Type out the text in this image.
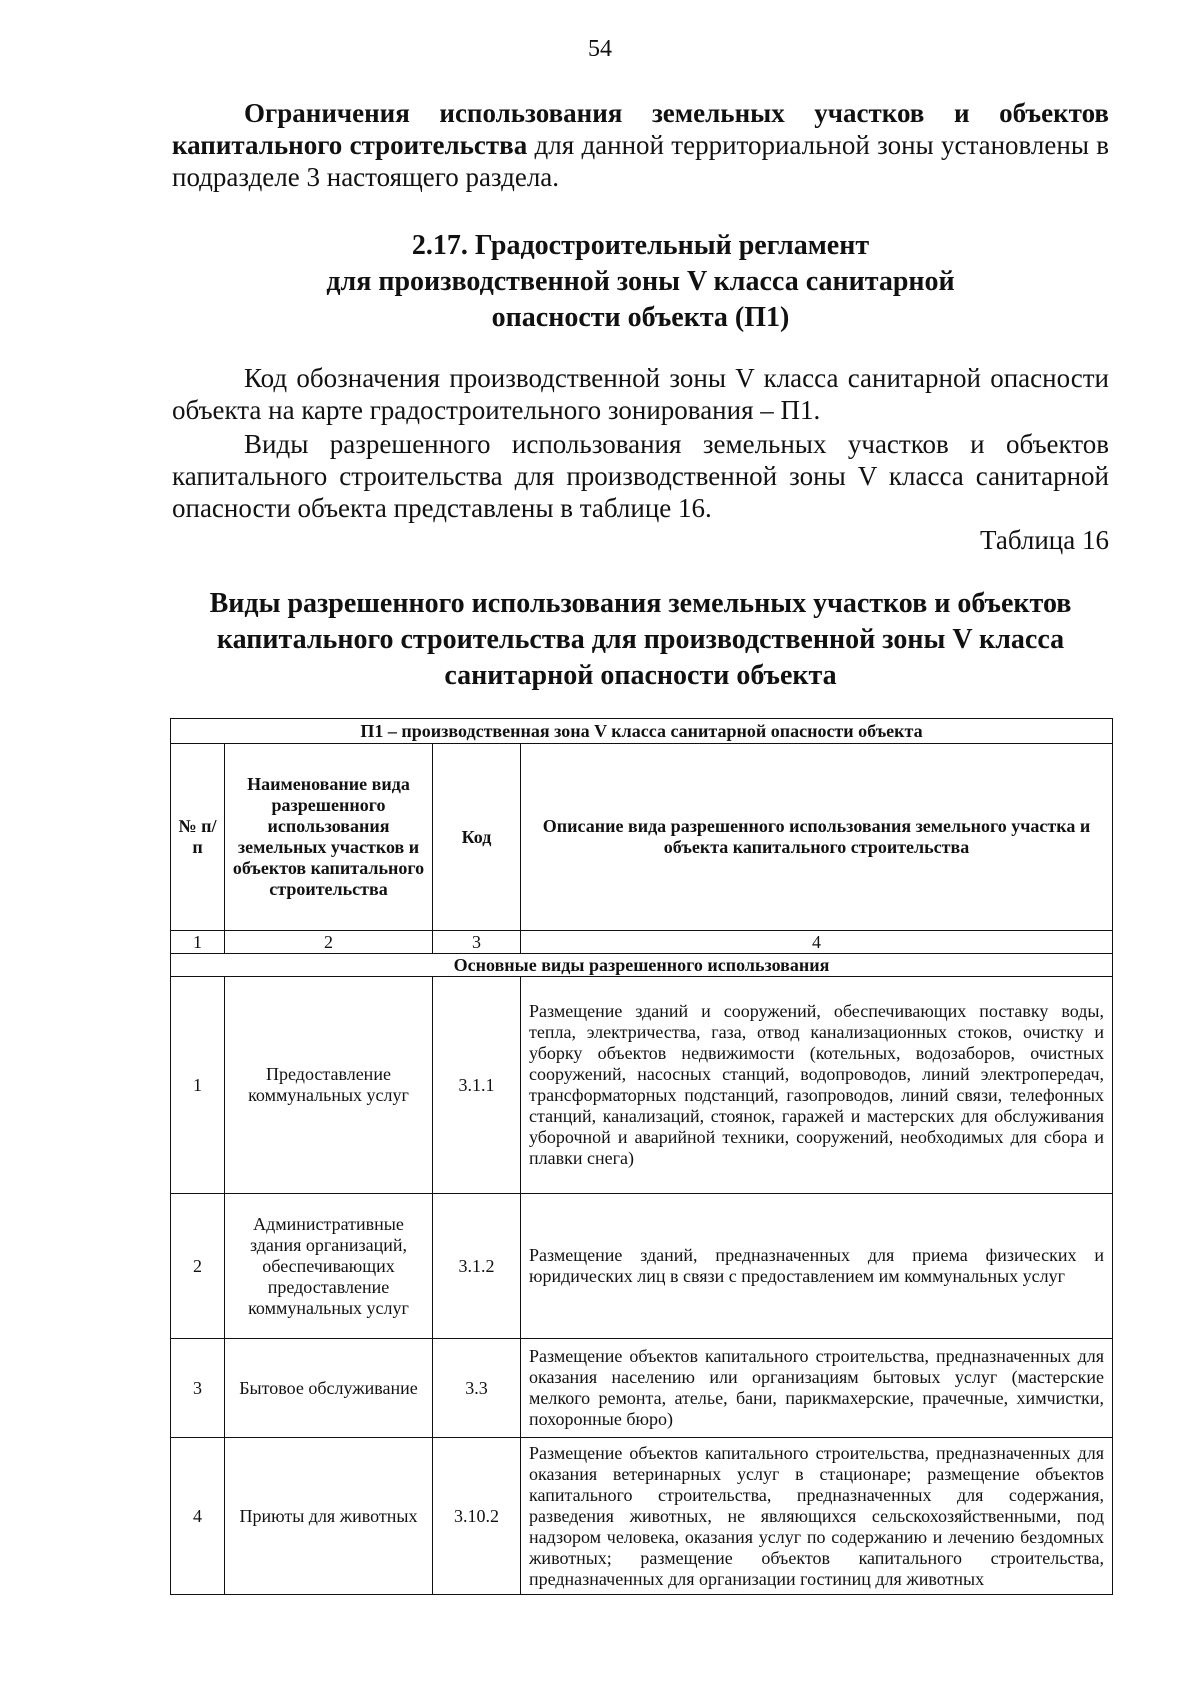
54
Ограничения использования земельных участков и объектов капитального строительства для данной территориальной зоны установлены в подразделе 3 настоящего раздела.
2.17. Градостроительный регламент
для производственной зоны V класса санитарной
опасности объекта (П1)
Код обозначения производственной зоны V класса санитарной опасности объекта на карте градостроительного зонирования – П1.
Виды разрешенного использования земельных участков и объектов капитального строительства для производственной зоны V класса санитарной опасности объекта представлены в таблице 16.
Таблица 16
Виды разрешенного использования земельных участков и объектов
капитального строительства для производственной зоны V класса
санитарной опасности объекта
П1 – производственная зона V класса санитарной опасности объекта			
№ п/п	Наименование вида разрешенного использования земельных участков и объектов капитального строительства	Код	Описание вида разрешенного использования земельного участка и объекта капитального строительства
1	2	3	4
Основные виды разрешенного использования			
1	Предоставление коммунальных услуг	3.1.1	Размещение зданий и сооружений, обеспечивающих поставку воды, тепла, электричества, газа, отвод канализационных стоков, очистку и уборку объектов недвижимости (котельных, водозаборов, очистных сооружений, насосных станций, водопроводов, линий электропередач, трансформаторных подстанций, газопроводов, линий связи, телефонных станций, канализаций, стоянок, гаражей и мастерских для обслуживания уборочной и аварийной техники, сооружений, необходимых для сбора и плавки снега)
2	Административные здания организаций, обеспечивающих предоставление коммунальных услуг	3.1.2	Размещение зданий, предназначенных для приема физических и юридических лиц в связи с предоставлением им коммунальных услуг
3	Бытовое обслуживание	3.3	Размещение объектов капитального строительства, предназначенных для оказания населению или организациям бытовых услуг (мастерские мелкого ремонта, ателье, бани, парикмахерские, прачечные, химчистки, похоронные бюро)
4	Приюты для животных	3.10.2	Размещение объектов капитального строительства, предназначенных для оказания ветеринарных услуг в стационаре; размещение объектов капитального строительства, предназначенных для содержания, разведения животных, не являющихся сельскохозяйственными, под надзором человека, оказания услуг по содержанию и лечению бездомных животных; размещение объектов капитального строительства, предназначенных для организации гостиниц для животных
